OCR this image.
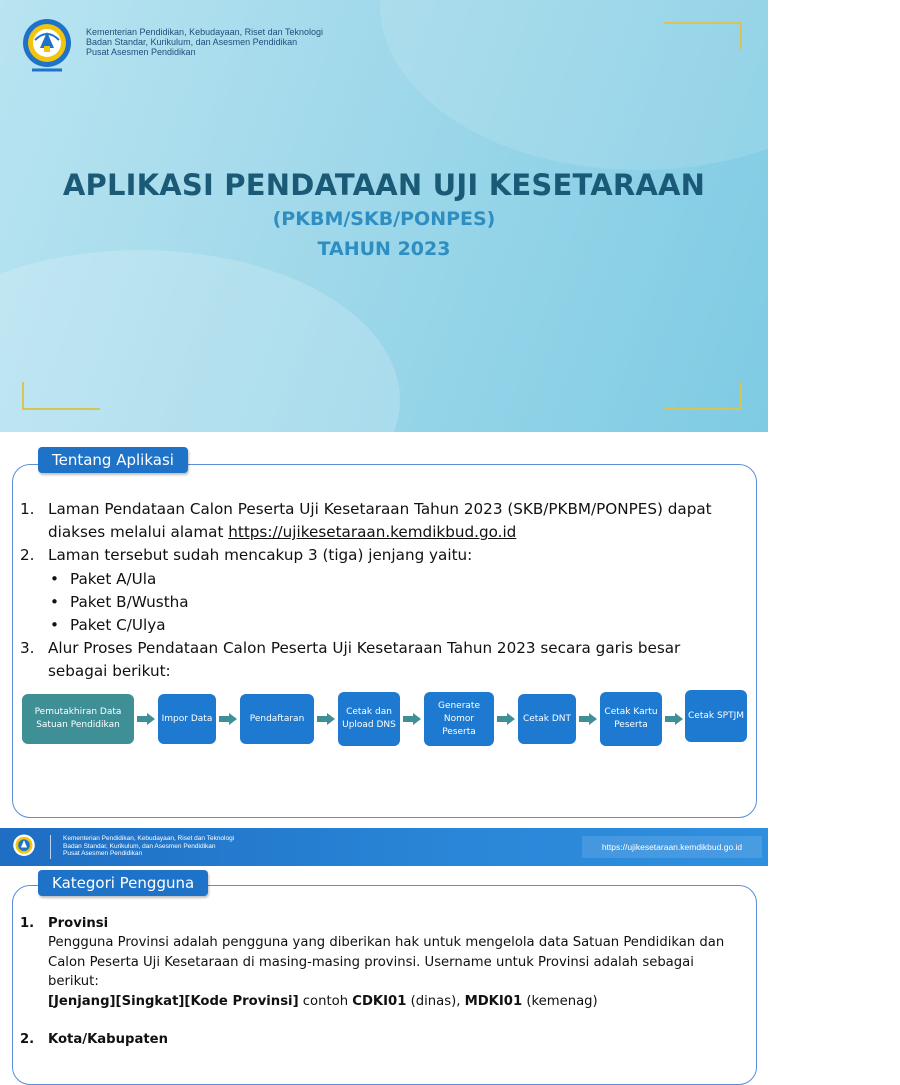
Kementerian Pendidikan, Kebudayaan, Riset dan Teknologi
Badan Standar, Kurikulum, dan Asesmen Pendidikan
Pusat Asesmen Pendidikan
APLIKASI PENDATAAN UJI KESETARAAN
(PKBM/SKB/PONPES)
TAHUN 2023
Tentang Aplikasi
1. Laman Pendataan Calon Peserta Uji Kesetaraan Tahun 2023 (SKB/PKBM/PONPES) dapat
diakses melalui alamat https://ujikesetaraan.kemdikbud.go.id
2. Laman tersebut sudah mencakup 3 (tiga) jenjang yaitu:
• Paket A/Ula
• Paket B/Wustha
• Paket C/Ulya
3. Alur Proses Pendataan Calon Peserta Uji Kesetaraan Tahun 2023 secara garis besar
sebagai berikut:
Pemutakhiran Data Satuan Pendidikan
Impor Data	Pendaftaran
Cetak dan Upload DNS
Generate Nomor Peserta
Cetak DNT
Cetak Kartu Peserta
Cetak SPTJM
Kementerian Pendidikan, Kebudayaan, Riset dan Teknologi
Badan Standar, Kurikulum, dan Asesmen Pendidikan
Pusat Asesmen Pendidikan
https://ujikesetaraan.kemdikbud.go.id
Kategori Pengguna
1. Provinsi
Pengguna Provinsi adalah pengguna yang diberikan hak untuk mengelola data Satuan Pendidikan dan
Calon Peserta Uji Kesetaraan di masing-masing provinsi. Username untuk Provinsi adalah sebagai berikut:
[Jenjang][Singkat][Kode Provinsi] contoh CDKI01 (dinas), MDKI01 (kemenag)
2. Kota/Kabupaten
